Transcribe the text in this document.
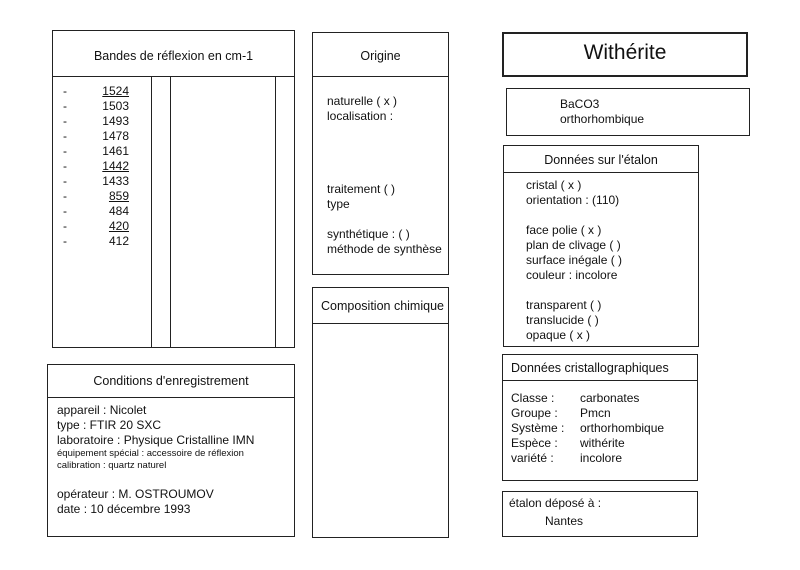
Bandes de réflexion en cm-1
-	1524
-	1503
-	1493
-	1478
-	1461
-	1442
-	1433
-	859
-	484
-	420
-	412
Origine
naturelle ( x )
localisation :
traitement ( )
type
synthétique : ( )
méthode de synthèse
Composition chimique
Withérite
BaCO3
orthorhombique
Données sur l'étalon
cristal ( x )
orientation : (110)
face polie ( x )
plan de clivage ( )
surface inégale ( )
couleur : incolore
transparent ( )
translucide ( )
opaque ( x )
Données cristallographiques
Classe :	carbonates
Groupe :	Pmcn
Système :	orthorhombique
Espèce :	withérite
variété :	incolore
étalon déposé à :
Nantes
Conditions d'enregistrement
appareil : Nicolet
type : FTIR 20 SXC
laboratoire : Physique Cristalline IMN
équipement spécial : accessoire de réflexion
calibration : quartz naturel
opérateur : M. OSTROUMOV
date : 10 décembre 1993
